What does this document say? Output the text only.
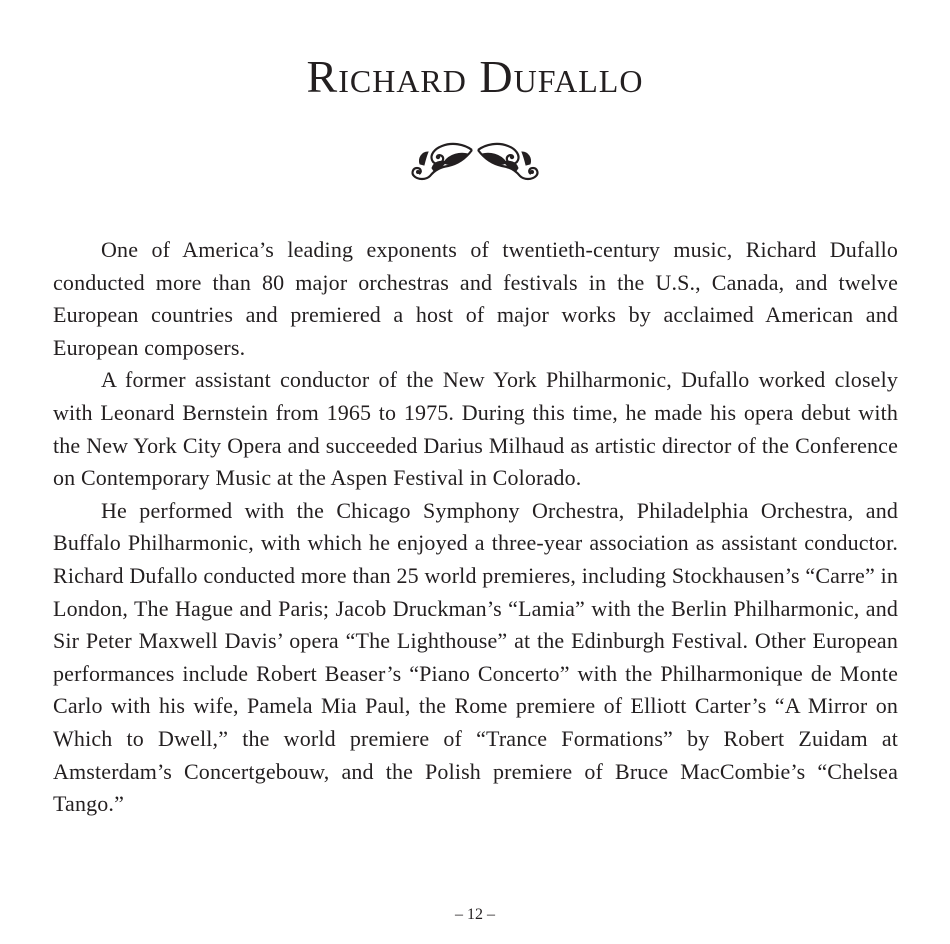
Richard Dufallo

One of America’s leading exponents of twentieth-century music, Richard Dufallo conducted more than 80 major orchestras and festivals in the U.S., Canada, and twelve European countries and premiered a host of major works by acclaimed American and European composers.

A former assistant conductor of the New York Philharmonic, Dufallo worked closely with Leonard Bernstein from 1965 to 1975. During this time, he made his opera debut with the New York City Opera and succeeded Darius Milhaud as artistic director of the Conference on Contemporary Music at the Aspen Festival in Colorado.

He performed with the Chicago Symphony Orchestra, Philadelphia Orchestra, and Buffalo Philharmonic, with which he enjoyed a three-year association as assistant conductor. Richard Dufallo conducted more than 25 world premieres, including Stockhausen’s “Carre” in London, The Hague and Paris; Jacob Druckman’s “Lamia” with the Berlin Philharmonic, and Sir Peter Maxwell Davis’ opera “The Lighthouse” at the Edinburgh Festival. Other European performances include Robert Beaser’s “Piano Concerto” with the Philharmonique de Monte Carlo with his wife, Pamela Mia Paul, the Rome premiere of Elliott Carter’s “A Mirror on Which to Dwell,” the world premiere of “Trance Formations” by Robert Zuidam at Amsterdam’s Concertgebouw, and the Polish premiere of Bruce MacCombie’s “Chelsea Tango.”

– 12 –
